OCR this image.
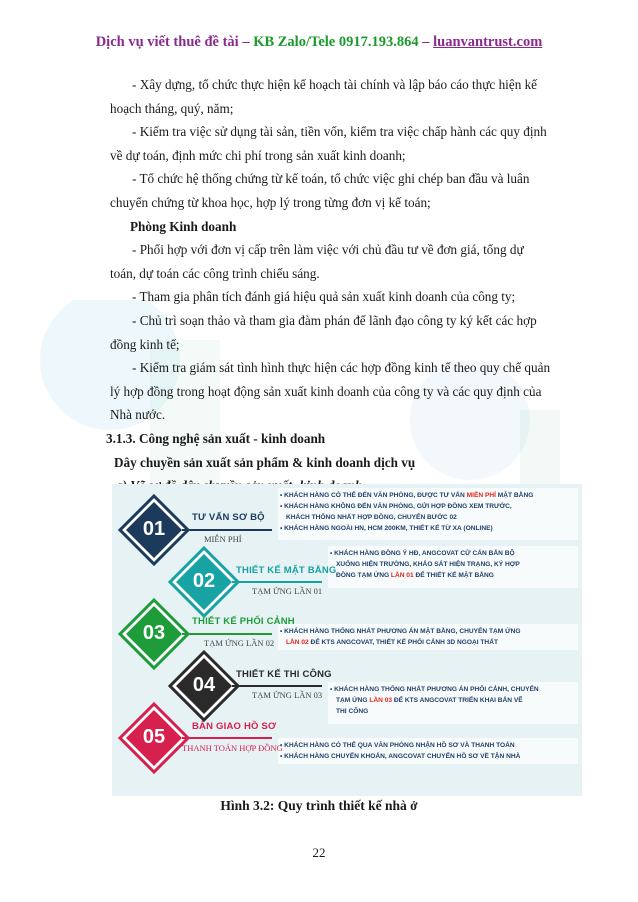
Dịch vụ viết thuê đề tài – KB Zalo/Tele 0917.193.864 – luanvantrust.com
- Xây dựng, tổ chức thực hiện kế hoạch tài chính và lập báo cáo thực hiện kế
hoạch tháng, quý, năm;
- Kiểm tra việc sử dụng tài sản, tiền vốn, kiểm tra việc chấp hành các quy định
về dự toán, định mức chi phí trong sản xuất kinh doanh;
- Tổ chức hệ thống chứng từ kế toán, tổ chức việc ghi chép ban đầu và luân
chuyển chứng từ khoa học, hợp lý trong từng đơn vị kế toán;
Phòng Kinh doanh
- Phối hợp với đơn vị cấp trên làm việc với chủ đầu tư về đơn giá, tổng dự
toán, dự toán các công trình chiếu sáng.
- Tham gia phân tích đánh giá hiệu quả sản xuất kinh doanh của công ty;
- Chủ trì soạn thảo và tham gia đàm phán để lãnh đạo công ty ký kết các hợp
đồng kinh tế;
- Kiểm tra giám sát tình hình thực hiện các hợp đồng kinh tế theo quy chế quản
lý hợp đồng trong hoạt động sản xuất kinh doanh của công ty và các quy định của
Nhà nước.
3.1.3. Công nghệ sản xuất - kinh doanh
Dây chuyền sản xuất sản phẩm & kinh doanh dịch vụ
01
02
03
04
05
TƯ VẤN SƠ BỘ
MIỄN PHÍ
THIẾT KẾ MẶT BẰNG
TẠM ỨNG LẦN 01
THIẾT KẾ PHỐI CẢNH
TẠM ỨNG LẦN 02
THIẾT KẾ THI CÔNG
TẠM ỨNG LẦN 03
BÀN GIAO HỒ SƠ
THANH TOÁN HỢP ĐỒNG
• KHÁCH HÀNG CÓ THỂ ĐẾN VĂN PHÒNG, ĐƯỢC TƯ VẤN MIỄN PHÍ MẶT BẰNG
• KHÁCH HÀNG KHÔNG ĐẾN VĂN PHÒNG, GỬI HỢP ĐỒNG XEM TRƯỚC,
KHÁCH THỐNG NHẤT HỢP ĐỒNG, CHUYỂN BƯỚC 02
• KHÁCH HÀNG NGOÀI HN, HCM 200KM, THIẾT KẾ TỪ XA (ONLINE)
• KHÁCH HÀNG ĐỒNG Ý HĐ, ANGCOVAT CỬ CÁN BẢN BỘ
XUỐNG HIỆN TRƯỜNG, KHẢO SÁT HIỆN TRẠNG, KÝ HỢP
ĐỒNG TẠM ỨNG LẦN 01 ĐỂ THIẾT KẾ MẶT BẰNG
• KHÁCH HÀNG THỐNG NHẤT PHƯƠNG ÁN MẶT BẰNG, CHUYỂN TẠM ỨNG
LẦN 02 ĐỂ KTS ANGCOVAT, THIẾT KẾ PHỐI CẢNH 3D NGOẠI THẤT
• KHÁCH HÀNG THỐNG NHẤT PHƯƠNG ÁN PHỐI CẢNH, CHUYỂN
TẠM ỨNG LẦN 03 ĐỂ KTS ANGCOVAT TRIỂN KHAI BẢN VẼ
THI CÔNG
• KHÁCH HÀNG CÓ THỂ QUA VĂN PHÒNG NHẬN HỒ SƠ VÀ THANH TOÁN
• KHÁCH HÀNG CHUYỂN KHOẢN, ANGCOVAT CHUYỂN HỒ SƠ VỀ TẬN NHÀ
Hình 3.2: Quy trình thiết kế nhà ở
22
